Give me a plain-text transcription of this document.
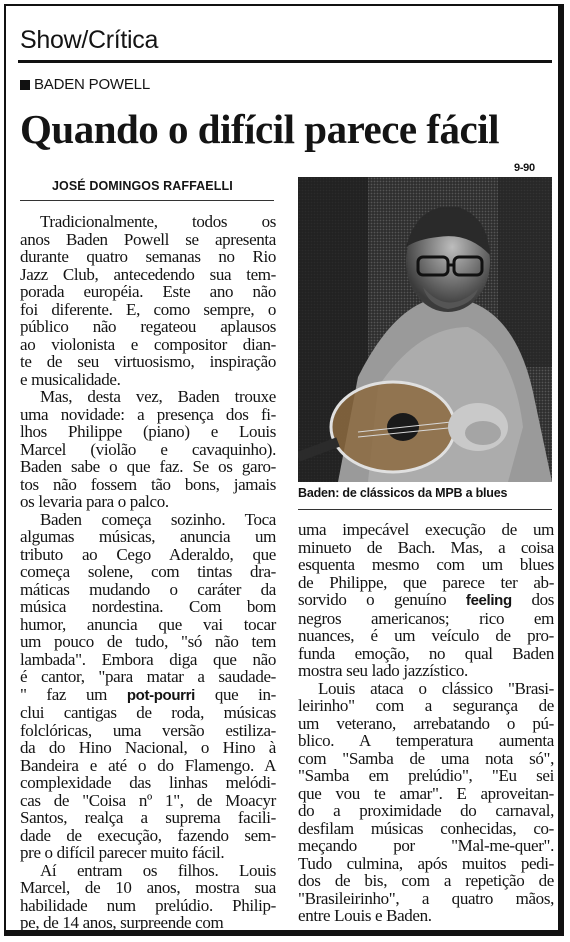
Show/Crítica
BADEN POWELL
Quando o difícil parece fácil
9-90
JOSÉ DOMINGOS RAFFAELLI
Baden: de clássicos da MPB a blues
Tradicionalmente, todos os
anos Baden Powell se apresenta
durante quatro semanas no Rio
Jazz Club, antecedendo sua tem-
porada européia. Este ano não
foi diferente. E, como sempre, o
público não regateou aplausos
ao violonista e compositor dian-
te de seu virtuosismo, inspiração
e musicalidade.
Mas, desta vez, Baden trouxe
uma novidade: a presença dos fi-
lhos Philippe (piano) e Louis
Marcel (violão e cavaquinho).
Baden sabe o que faz. Se os garo-
tos não fossem tão bons, jamais
os levaria para o palco.
Baden começa sozinho. Toca
algumas músicas, anuncia um
tributo ao Cego Aderaldo, que
começa solene, com tintas dra-
máticas mudando o caráter da
música nordestina. Com bom
humor, anuncia que vai tocar
um pouco de tudo, "só não tem
lambada". Embora diga que não
é cantor, "para matar a saudade-
" faz um pot-pourri que in-
clui cantigas de roda, músicas
folclóricas, uma versão estiliza-
da do Hino Nacional, o Hino à
Bandeira e até o do Flamengo. A
complexidade das linhas melódi-
cas de "Coisa nº 1", de Moacyr
Santos, realça a suprema facili-
dade de execução, fazendo sem-
pre o difícil parecer muito fácil.
Aí entram os filhos. Louis
Marcel, de 10 anos, mostra sua
habilidade num prelúdio. Philip-
pe, de 14 anos, surpreende com
uma impecável execução de um
minueto de Bach. Mas, a coisa
esquenta mesmo com um blues
de Philippe, que parece ter ab-
sorvido o genuíno feeling dos
negros americanos; rico em
nuances, é um veículo de pro-
funda emoção, no qual Baden
mostra seu lado jazzístico.
Louis ataca o clássico "Brasi-
leirinho" com a segurança de
um veterano, arrebatando o pú-
blico. A temperatura aumenta
com "Samba de uma nota só",
"Samba em prelúdio", "Eu sei
que vou te amar". E aproveitan-
do a proximidade do carnaval,
desfilam músicas conhecidas, co-
meçando por "Mal-me-quer".
Tudo culmina, após muitos pedi-
dos de bis, com a repetição de
"Brasileirinho", a quatro mãos,
entre Louis e Baden.
